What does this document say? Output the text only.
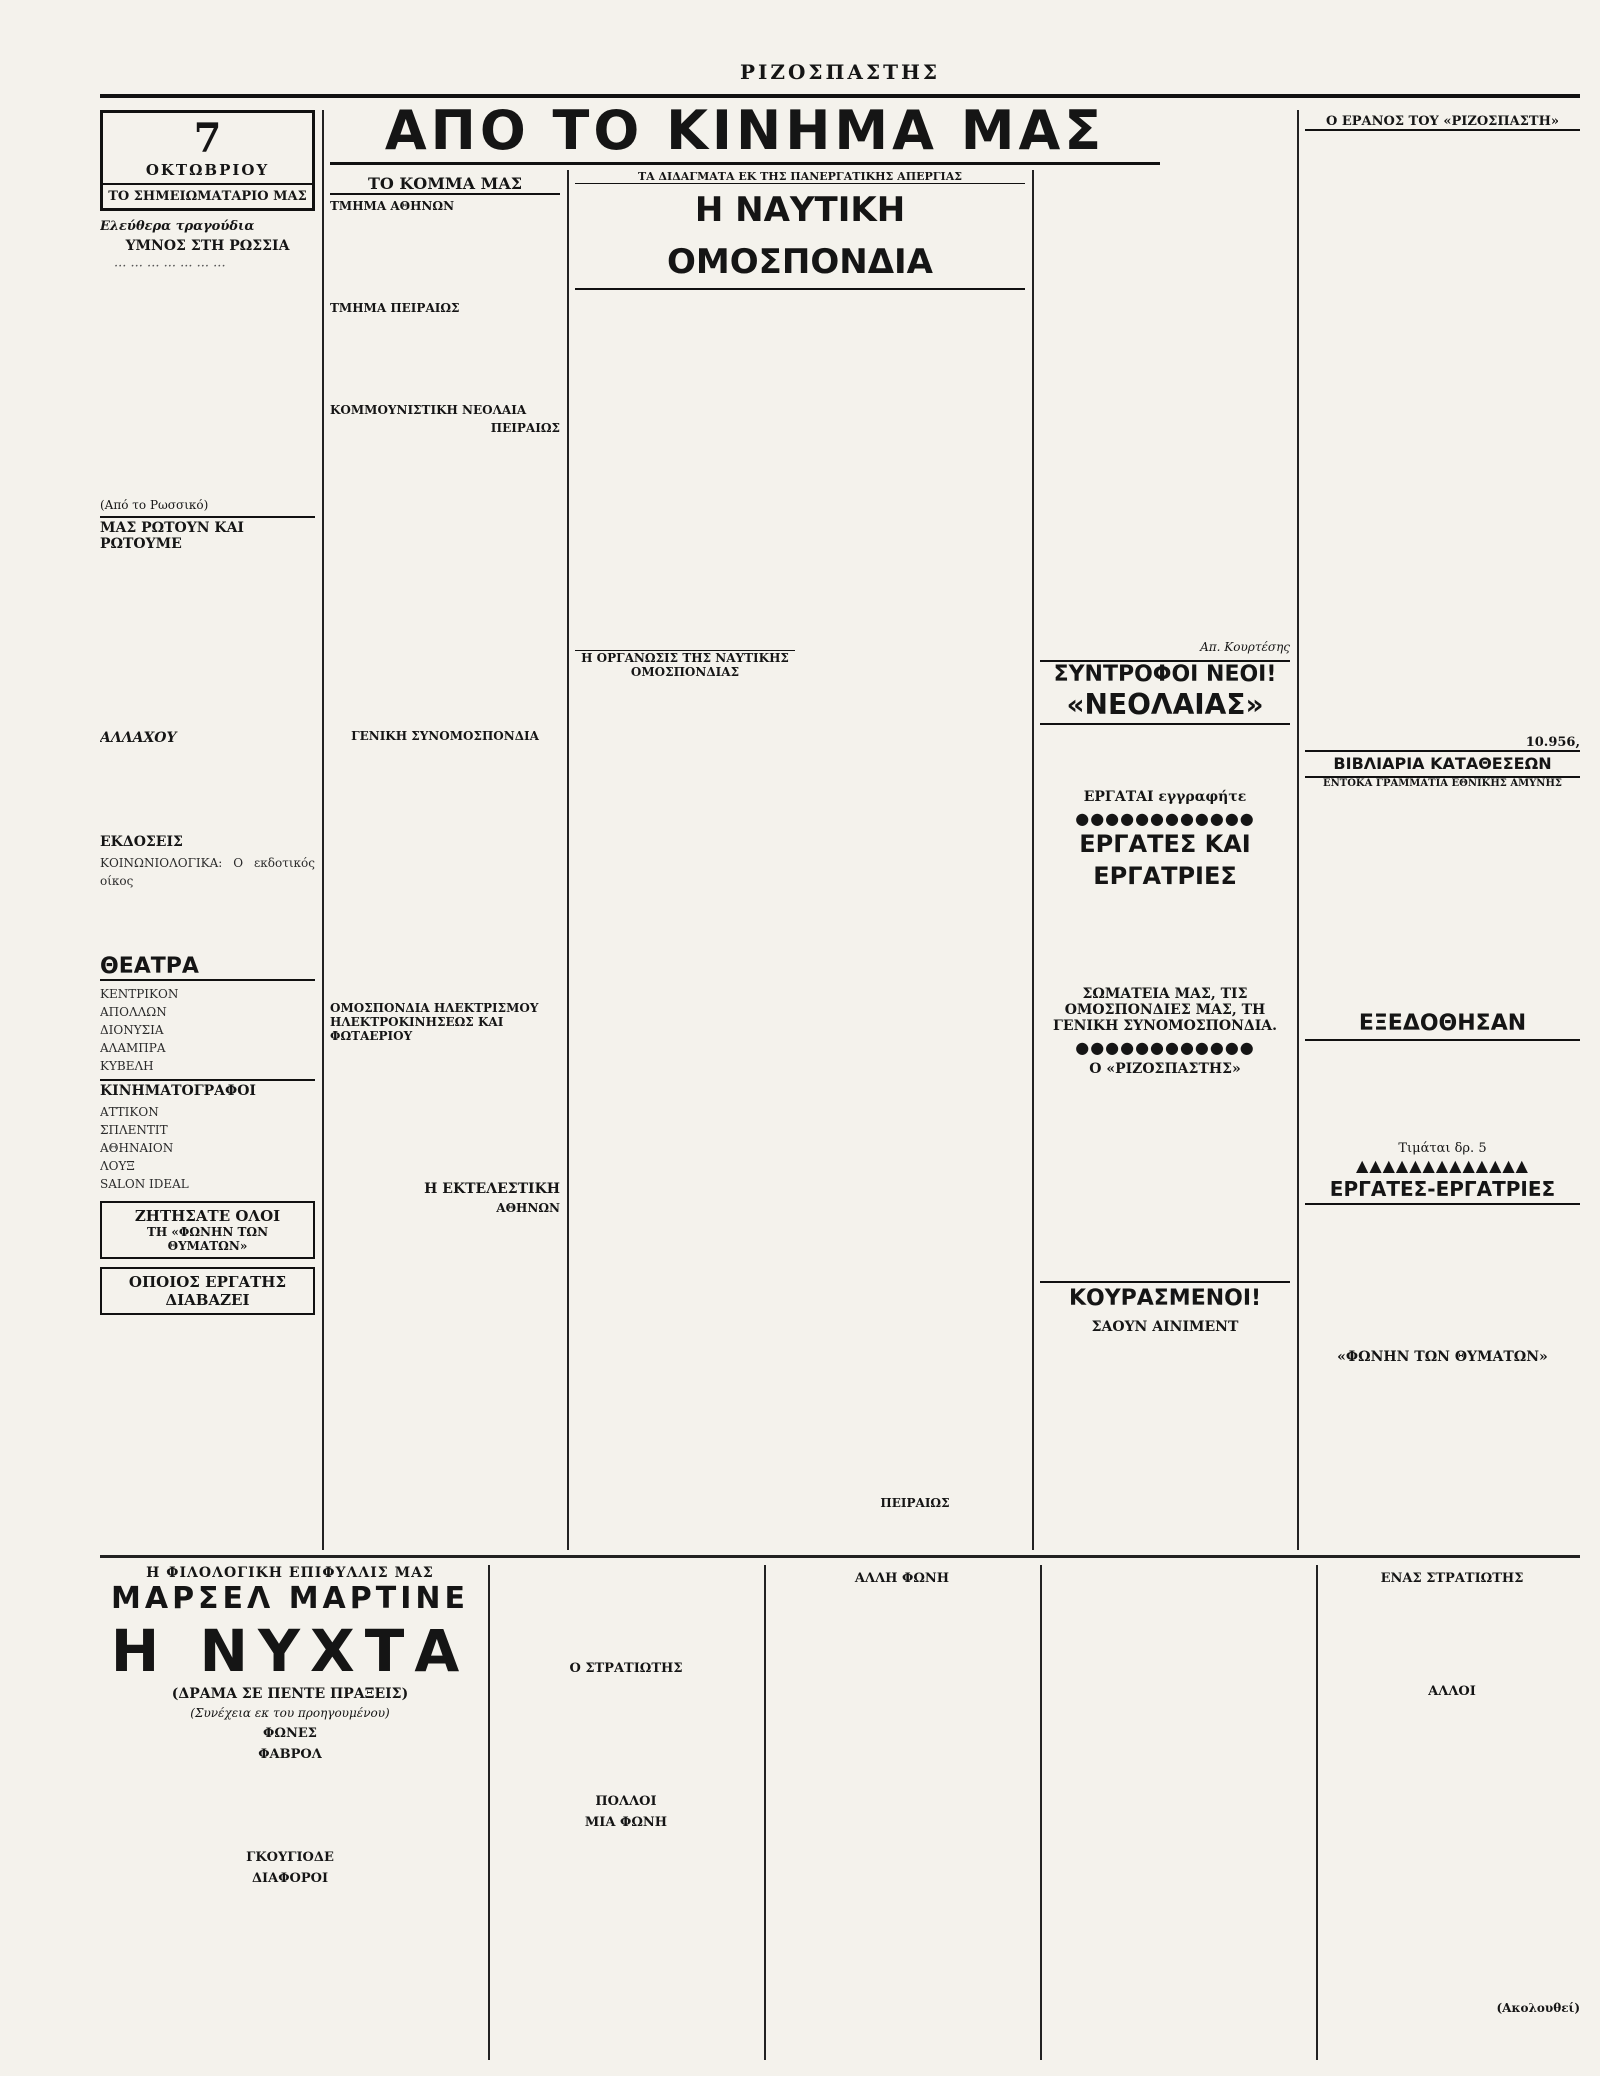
ΡΙΖΟΣΠΑΣΤΗΣ
ΑΠΟ ΤΟ ΚΙΝΗΜΑ ΜΑΣ
7
ΟΚΤΩΒΡΙΟΥ
ΤΟ ΣΗΜΕΙΩΜΑΤΑΡΙΟ ΜΑΣ
Ελεύθερα τραγούδια
ΥΜΝΟΣ ΣΤΗ ΡΩΣΣΙΑ

··· ··· ··· ··· ··· ··· ···

(Από το Ρωσσικό)
ΜΑΣ ΡΩΤΟΥΝ ΚΑΙ ΡΩΤΟΥΜΕ
ΑΛΛΑΧΟΥ
ΕΚΔΟΣΕΙΣ
ΚΟΙΝΩΝΙΟΛΟΓΙΚΑ: Ο εκδοτικός οίκος
ΘΕΑΤΡΑ
ΚΕΝΤΡΙΚΟΝ
ΑΠΟΛΛΩΝ
ΔΙΟΝΥΣΙΑ
ΑΛΑΜΠΡΑ
ΚΥΒΕΛΗ
ΚΙΝΗΜΑΤΟΓΡΑΦΟΙ
ΑΤΤΙΚΟΝ
ΣΠΛΕΝΤΙΤ
ΑΘΗΝΑΙΟΝ
ΛΟΥΞ
SALON IDEAL
ΖΗΤΗΣΑΤΕ ΟΛΟΙ
ΤΗ «ΦΩΝΗΝ ΤΩΝ ΘΥΜΑΤΩΝ»
ΟΠΟΙΟΣ ΕΡΓΑΤΗΣ ΔΙΑΒΑΖΕΙ
ΤΟ ΚΟΜΜΑ ΜΑΣ
ΤΜΗΜΑ ΑΘΗΝΩΝ
ΤΜΗΜΑ ΠΕΙΡΑΙΩΣ
ΚΟΜΜΟΥΝΙΣΤΙΚΗ ΝΕΟΛΑΙΑ
ΠΕΙΡΑΙΩΣ
ΓΕΝΙΚΗ ΣΥΝΟΜΟΣΠΟΝΔΙΑ
ΟΜΟΣΠΟΝΔΙΑ ΗΛΕΚΤΡΙΣΜΟΥ ΗΛΕΚΤΡΟΚΙΝΗΣΕΩΣ ΚΑΙ ΦΩΤΑΕΡΙΟΥ
Η ΕΚΤΕΛΕΣΤΙΚΗ
ΑΘΗΝΩΝ
ΤΑ ΔΙΔΑΓΜΑΤΑ ΕΚ ΤΗΣ ΠΑΝΕΡΓΑΤΙΚΗΣ ΑΠΕΡΓΙΑΣ
Η ΝΑΥΤΙΚΗ ΟΜΟΣΠΟΝΔΙΑ
Η ΟΡΓΑΝΩΣΙΣ ΤΗΣ ΝΑΥΤΙΚΗΣ ΟΜΟΣΠΟΝΔΙΑΣ
ΠΕΙΡΑΙΩΣ
Απ. Κουρτέσης
ΣΥΝΤΡΟΦΟΙ ΝΕΟΙ!
«ΝΕΟΛΑΙΑΣ»
ΕΡΓΑΤΑΙ εγγραφήτε
●●●●●●●●●●●●
ΕΡΓΑΤΕΣ ΚΑΙ ΕΡΓΑΤΡΙΕΣ
ΣΩΜΑΤΕΙΑ ΜΑΣ, ΤΙΣ ΟΜΟΣΠΟΝΔΙΕΣ ΜΑΣ, ΤΗ ΓΕΝΙΚΗ ΣΥΝΟΜΟΣΠΟΝΔΙΑ.
●●●●●●●●●●●●
Ο «ΡΙΖΟΣΠΑΣΤΗΣ»
ΚΟΥΡΑΣΜΕΝΟΙ!
ΣΑΟΥΝ ΑΙΝΙΜΕΝΤ
Ο ΕΡΑΝΟΣ ΤΟΥ «ΡΙΖΟΣΠΑΣΤΗ»
10.956,
ΒΙΒΛΙΑΡΙΑ ΚΑΤΑΘΕΣΕΩΝ
ΕΝΤΟΚΑ ΓΡΑΜΜΑΤΙΑ ΕΘΝΙΚΗΣ ΑΜΥΝΗΣ
ΕΞΕΔΟΘΗΣΑΝ
Τιμάται δρ. 5
▲▲▲▲▲▲▲▲▲▲▲▲▲
ΕΡΓΑΤΕΣ-ΕΡΓΑΤΡΙΕΣ
«ΦΩΝΗΝ ΤΩΝ ΘΥΜΑΤΩΝ»
Η ΦΙΛΟΛΟΓΙΚΗ ΕΠΙΦΥΛΛΙΣ ΜΑΣ
ΜΑΡΣΕΛ ΜΑΡΤΙΝΕ
Η ΝΥΧΤΑ
(ΔΡΑΜΑ ΣΕ ΠΕΝΤΕ ΠΡΑΞΕΙΣ)
(Συνέχεια εκ του προηγουμένου)
ΦΩΝΕΣ
ΦΑΒΡΟΛ
ΓΚΟΥΓΙΟΔΕ
ΔΙΑΦΟΡΟΙ
Ο ΣΤΡΑΤΙΩΤΗΣ
ΠΟΛΛΟΙ
ΜΙΑ ΦΩΝΗ
ΑΛΛΗ ΦΩΝΗ	ΕΝΑΣ ΣΤΡΑΤΙΩΤΗΣ
ΑΛΛΟΙ
(Ακολουθεί)
